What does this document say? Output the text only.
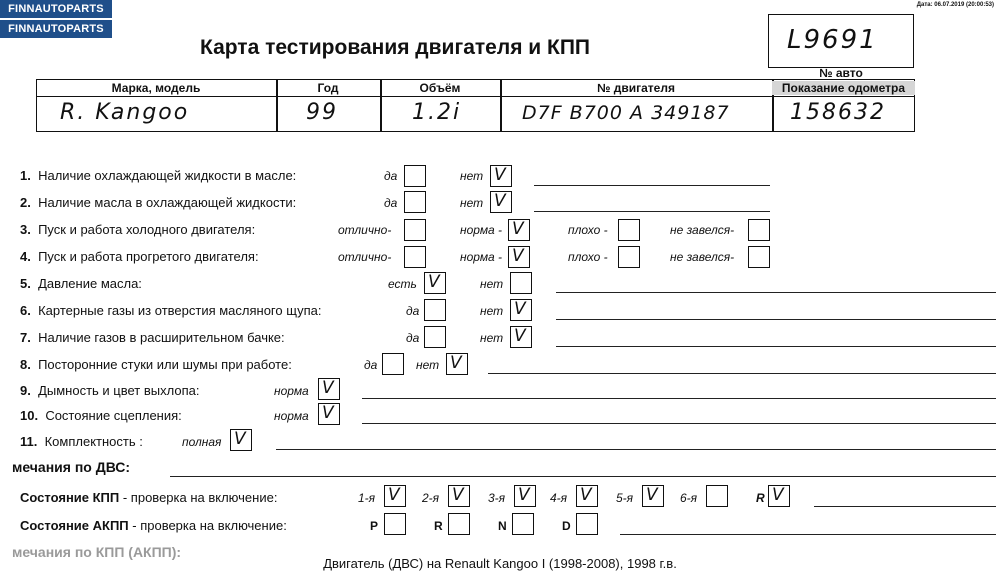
FINNAUTOPARTS
FINNAUTOPARTS
Дата: 06.07.2019 (20:00:53)
Карта тестирования двигателя и КПП	L9691
№ авто
Марка, модель	Год	Объём	№ двигателя	Показание одометра
R. Kangoo	99	1.2i	D7F B700 A 349187	158632
1. Наличие охлаждающей жидкости в масле:	да	нет V
2. Наличие масла в охлаждающей жидкости:	да	нет V
3. Пуск и работа холодного двигателя:	отлично-	норма - V	плохо -	не завелся-
4. Пуск и работа прогретого двигателя:	отлично-	норма - V	плохо -	не завелся-
5. Давление масла:	есть V	нет
6. Картерные газы из отверстия масляного щупа:	да	нет V
7. Наличие газов в расширительном бачке:	да	нет V
8. Посторонние стуки или шумы при работе:	да	нет V
9. Дымность и цвет выхлопа:	норма V
10. Состояние сцепления:	норма V
11. Комплектность :	полная V
мечания по ДВС:
Состояние КПП - проверка на включение:	1-я V 2-я V 3-я V 4-я V 5-я V 6-я	R V
Состояние АКПП - проверка на включение:	P	R	N	D
мечания по КПП (АКПП):
Двигатель (ДВС) на Renault Kangoo I (1998-2008), 1998 г.в.
